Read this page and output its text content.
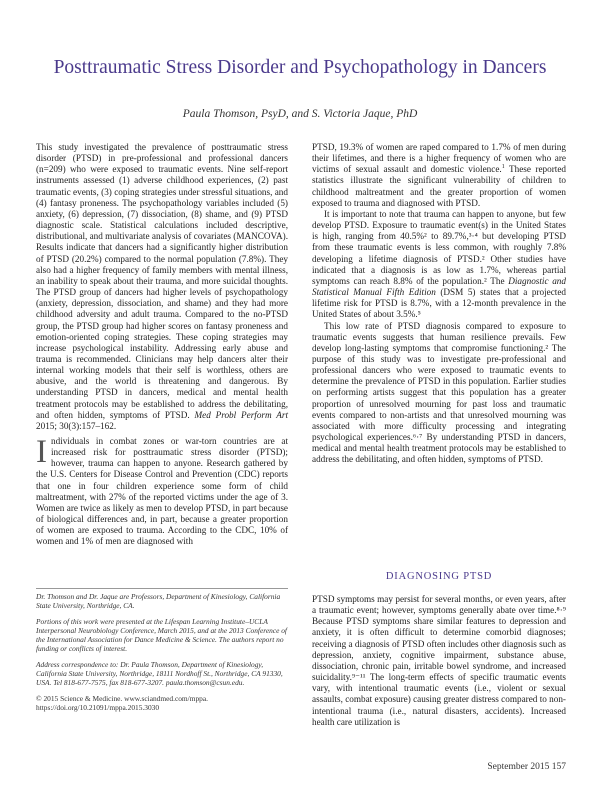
Posttraumatic Stress Disorder and Psychopathology in Dancers
Paula Thomson, PsyD, and S. Victoria Jaque, PhD

This study investigated the prevalence of posttraumatic stress disorder (PTSD) in pre-professional and professional dancers (n=209) who were exposed to traumatic events. Nine self-report instruments assessed (1) adverse childhood experiences, (2) past traumatic events, (3) coping strategies under stressful situations, and (4) fantasy proneness. The psychopathology variables included (5) anxiety, (6) depression, (7) dissociation, (8) shame, and (9) PTSD diagnostic scale. Statistical calculations included descriptive, distributional, and multivariate analysis of covariates (MANCOVA). Results indicate that dancers had a significantly higher distribution of PTSD (20.2%) compared to the normal population (7.8%). They also had a higher frequency of family members with mental illness, an inability to speak about their trauma, and more suicidal thoughts. The PTSD group of dancers had higher levels of psychopathology (anxiety, depression, dissociation, and shame) and they had more childhood adversity and adult trauma. Compared to the no-PTSD group, the PTSD group had higher scores on fantasy proneness and emotion-oriented coping strategies. These coping strategies may increase psychological instability. Addressing early abuse and trauma is recommended. Clinicians may help dancers alter their internal working models that their self is worthless, others are abusive, and the world is threatening and dangerous. By understanding PTSD in dancers, medical and mental health treatment protocols may be established to address the debilitating, and often hidden, symptoms of PTSD. Med Probl Perform Art 2015; 30(3):157–162.

Individuals in combat zones or war-torn countries are at increased risk for posttraumatic stress disorder (PTSD); however, trauma can happen to anyone. Research gathered by the U.S. Centers for Disease Control and Prevention (CDC) reports that one in four children experience some form of child maltreatment, with 27% of the reported victims under the age of 3. Women are twice as likely as men to develop PTSD, in part because of biological differences and, in part, because a greater proportion of women are exposed to trauma. According to the CDC, 10% of women and 1% of men are diagnosed with

Dr. Thomson and Dr. Jaque are Professors, Department of Kinesiology, California State University, Northridge, CA.

Portions of this work were presented at the Lifespan Learning Institute–UCLA Interpersonal Neurobiology Conference, March 2015, and at the 2013 Conference of the International Association for Dance Medicine & Science. The authors report no funding or conflicts of interest.

Address correspondence to: Dr. Paula Thomson, Department of Kinesiology, California State University, Northridge, 18111 Nordhoff St., Northridge, CA 91330, USA. Tel 818-677-7575, fax 818-677-3207. paula.thomson@csun.edu.

© 2015 Science & Medicine. www.sciandmed.com/mppa.
https://doi.org/10.21091/mppa.2015.3030

PTSD, 19.3% of women are raped compared to 1.7% of men during their lifetimes, and there is a higher frequency of women who are victims of sexual assault and domestic violence.$^1$ These reported statistics illustrate the significant vulnerability of children to childhood maltreatment and the greater proportion of women exposed to trauma and diagnosed with PTSD.

It is important to note that trauma can happen to anyone, but few develop PTSD. Exposure to traumatic event(s) in the United States is high, ranging from 40.5%² to 89.7%,³·⁴ but developing PTSD from these traumatic events is less common, with roughly 7.8% developing a lifetime diagnosis of PTSD.² Other studies have indicated that a diagnosis is as low as 1.7%, whereas partial symptoms can reach 8.8% of the population.² The Diagnostic and Statistical Manual Fifth Edition (DSM 5) states that a projected lifetime risk for PTSD is 8.7%, with a 12-month prevalence in the United States of about 3.5%.⁵

This low rate of PTSD diagnosis compared to exposure to traumatic events suggests that human resilience prevails. Few develop long-lasting symptoms that compromise functioning.² The purpose of this study was to investigate pre-professional and professional dancers who were exposed to traumatic events to determine the prevalence of PTSD in this population. Earlier studies on performing artists suggest that this population has a greater proportion of unresolved mourning for past loss and traumatic events compared to non-artists and that unresolved mourning was associated with more difficulty processing and integrating psychological experiences.⁶·⁷ By understanding PTSD in dancers, medical and mental health treatment protocols may be established to address the debilitating, and often hidden, symptoms of PTSD.

DIAGNOSING PTSD

PTSD symptoms may persist for several months, or even years, after a traumatic event; however, symptoms generally abate over time.⁸·⁹ Because PTSD symptoms share similar features to depression and anxiety, it is often difficult to determine comorbid diagnoses; receiving a diagnosis of PTSD often includes other diagnosis such as depression, anxiety, cognitive impairment, substance abuse, dissociation, chronic pain, irritable bowel syndrome, and increased suicidality.⁹⁻¹¹ The long-term effects of specific traumatic events vary, with intentional traumatic events (i.e., violent or sexual assaults, combat exposure) causing greater distress compared to non-intentional trauma (i.e., natural disasters, accidents). Increased health care utilization is

September 2015 157
